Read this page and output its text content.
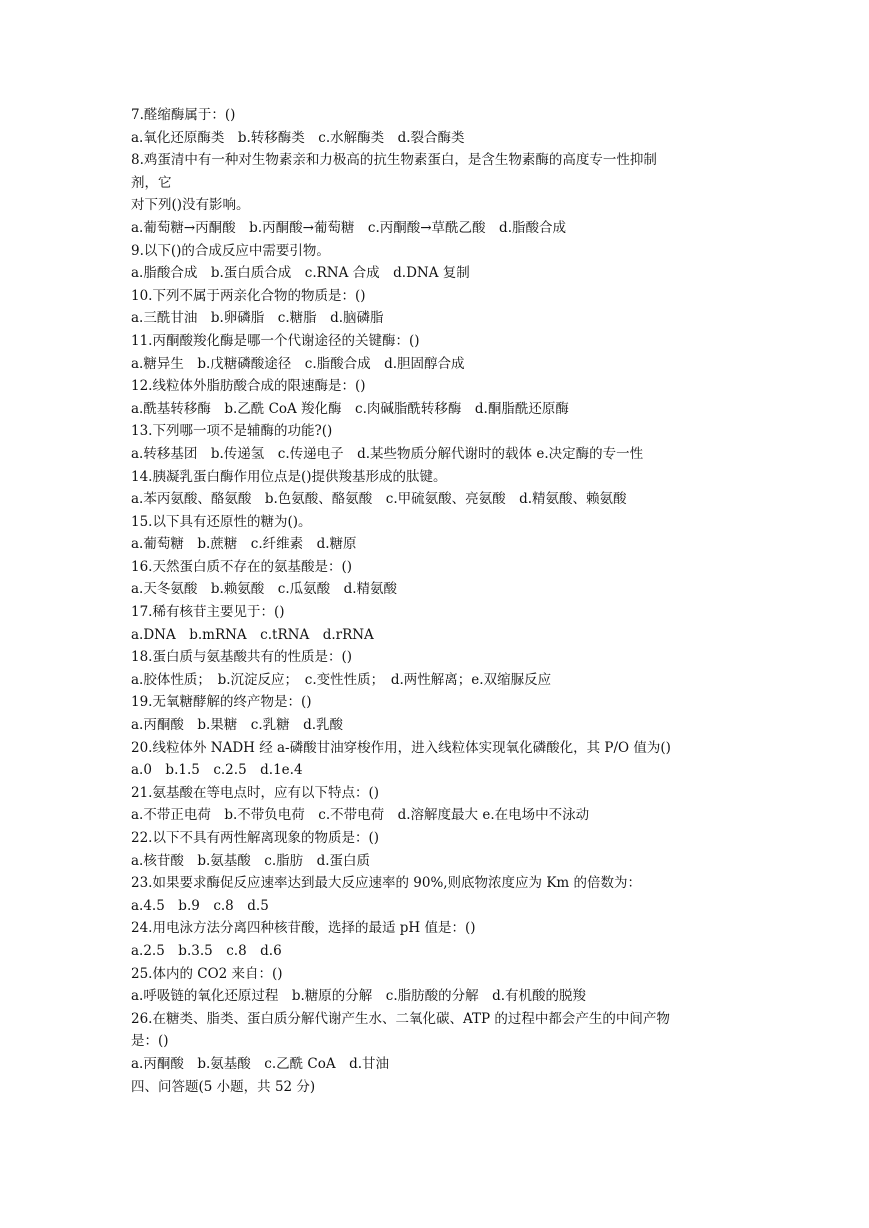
7.醛缩酶属于：()
a.氧化还原酶类　b.转移酶类　c.水解酶类　d.裂合酶类
8.鸡蛋清中有一种对生物素亲和力极高的抗生物素蛋白，是含生物素酶的高度专一性抑制
剂，它
对下列()没有影响。
a.葡萄糖→丙酮酸　b.丙酮酸→葡萄糖　c.丙酮酸→草酰乙酸　d.脂酸合成
9.以下()的合成反应中需要引物。
a.脂酸合成　b.蛋白质合成　c.RNA 合成　d.DNA 复制
10.下列不属于两亲化合物的物质是：()
a.三酰甘油　b.卵磷脂　c.糖脂　d.脑磷脂
11.丙酮酸羧化酶是哪一个代谢途径的关键酶：()
a.糖异生　b.戊糖磷酸途径　c.脂酸合成　d.胆固醇合成
12.线粒体外脂肪酸合成的限速酶是：()
a.酰基转移酶　b.乙酰 CoA 羧化酶　c.肉碱脂酰转移酶　d.酮脂酰还原酶
13.下列哪一项不是辅酶的功能?()
a.转移基团　b.传递氢　c.传递电子　d.某些物质分解代谢时的载体 e.决定酶的专一性
14.胰凝乳蛋白酶作用位点是()提供羧基形成的肽键。
a.苯丙氨酸、酪氨酸　b.色氨酸、酪氨酸　c.甲硫氨酸、亮氨酸　d.精氨酸、赖氨酸
15.以下具有还原性的糖为()。
a.葡萄糖　b.蔗糖　c.纤维素　d.糖原
16.天然蛋白质不存在的氨基酸是：()
a.天冬氨酸　b.赖氨酸　c.瓜氨酸　d.精氨酸
17.稀有核苷主要见于：()
a.DNA　b.mRNA　c.tRNA　d.rRNA
18.蛋白质与氨基酸共有的性质是：()
a.胶体性质；　b.沉淀反应；　c.变性性质；　d.两性解离；e.双缩脲反应
19.无氧糖酵解的终产物是：()
a.丙酮酸　b.果糖　c.乳糖　d.乳酸
20.线粒体外 NADH 经 a-磷酸甘油穿梭作用，进入线粒体实现氧化磷酸化，其 P/O 值为()
a.0　b.1.5　c.2.5　d.1e.4
21.氨基酸在等电点时，应有以下特点：()
a.不带正电荷　b.不带负电荷　c.不带电荷　d.溶解度最大 e.在电场中不泳动
22.以下不具有两性解离现象的物质是：()
a.核苷酸　b.氨基酸　c.脂肪　d.蛋白质
23.如果要求酶促反应速率达到最大反应速率的 90%,则底物浓度应为 Km 的倍数为：
a.4.5　b.9　c.8　d.5
24.用电泳方法分离四种核苷酸，选择的最适 pH 值是：()
a.2.5　b.3.5　c.8　d.6
25.体内的 CO2 来自：()
a.呼吸链的氧化还原过程　b.糖原的分解　c.脂肪酸的分解　d.有机酸的脱羧
26.在糖类、脂类、蛋白质分解代谢产生水、二氧化碳、ATP 的过程中都会产生的中间产物
是：()
a.丙酮酸　b.氨基酸　c.乙酰 CoA　d.甘油
四、问答题(5 小题，共 52 分)
